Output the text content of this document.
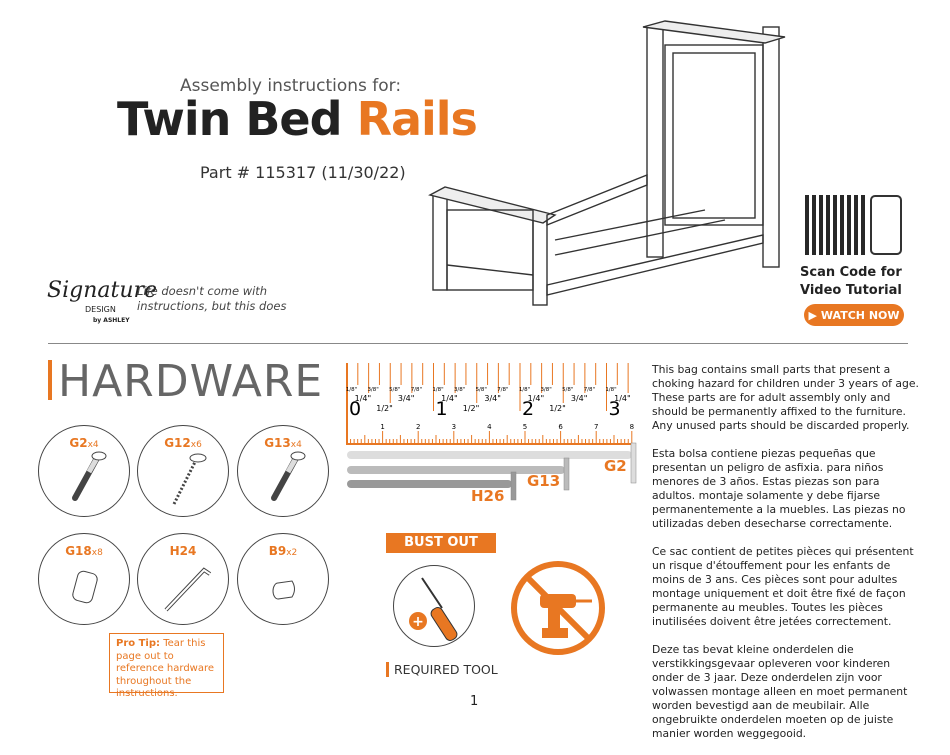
Assembly instructions for:
Twin Bed Rails
Part # 115317 (11/30/22)
Signature
DESIGN
by ASHLEY
Life doesn't come with
instructions, but this does
Scan Code for
Video Tutorial
▶ WATCH NOW
HARDWARE
G2x4	G12x6	G13x4
G18x8	H24	B9x2
Pro Tip: Tear this page out to reference hardware throughout the instructions.
0
1/8"
1/4"
3/8"
1/2"
5/8"
3/4"
7/8"
1
1/8"
1/4"
3/8"
1/2"
5/8"
3/4"
7/8"
2
1/8"
1/4"
3/8"
1/2"
5/8"
3/4"
7/8"
3
1/8"
1/4"
1	2	3	4	5	6	7	8
G2
G13
H26
BUST OUT
+
REQUIRED TOOL

This bag contains small parts that present a choking hazard for children under 3 years of age. These parts are for adult assembly only and should be permanently affixed to the furniture. Any unused parts should be discarded properly.

Esta bolsa contiene piezas pequeñas que presentan un peligro de asfixia. para niños menores de 3 años. Estas piezas son para adultos. montaje solamente y debe fijarse permanentemente a la muebles. Las piezas no utilizadas deben desecharse correctamente.

Ce sac contient de petites pièces qui présentent un risque d'étouffement pour les enfants de moins de 3 ans. Ces pièces sont pour adultes montage uniquement et doit être fixé de façon permanente au meubles. Toutes les pièces inutilisées doivent être jetées correctement.

Deze tas bevat kleine onderdelen die verstikkingsgevaar opleveren voor kinderen onder de 3 jaar. Deze onderdelen zijn voor volwassen montage alleen en moet permanent worden bevestigd aan de meubilair. Alle ongebruikte onderdelen moeten op de juiste manier worden weggegooid.

1
